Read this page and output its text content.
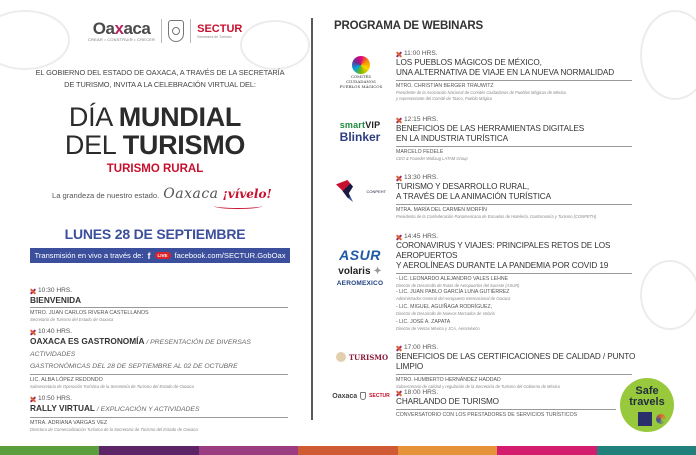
Oaxaca
CREAR • CONSTRUIR • CRECER
SECTUR
Secretaría de Turismo
EL GOBIERNO DEL ESTADO DE OAXACA, A TRAVÉS DE LA SECRETARÍA
DE TURISMO, INVITA A LA CELEBRACIÓN VIRTUAL DEL:
DÍA MUNDIAL
DEL TURISMO
TURISMO RURAL
La grandeza de nuestro estado. Oaxaca ¡vívelo!
LUNES 28 DE SEPTIEMBRE
Transmisión en vivo a través de: f	LIVE facebook.com/SECTUR.GobOax
10:30 HRS.
BIENVENIDA
MTRO. JUAN CARLOS RIVERA CASTELLANOS
Secretario de Turismo del Estado de Oaxaca
10:40 HRS.
OAXACA ES GASTRONOMÍA / PRESENTACIÓN DE DIVERSAS ACTIVIDADES
GASTRONÓMICAS DEL 28 DE SEPTIEMBRE AL 02 DE OCTUBRE
LIC. ALBA LÓPEZ REDONDO
Subsecretaria de Operación Turística de la Secretaría de Turismo del Estado de Oaxaca
10:50 HRS.
RALLY VIRTUAL / EXPLICACIÓN Y ACTIVIDADES
MTRA. ADRIANA VARGAS VEZ
Directora de Comercialización Turística de la Secretaría de Turismo del Estado de Oaxaca
PROGRAMA DE WEBINARS
COMITÉS CIUDADANOS PUEBLOS MÁGICOS
11:00 HRS.
LOS PUEBLOS MÁGICOS DE MÉXICO,
UNA ALTERNATIVA DE VIAJE EN LA NUEVA NORMALIDAD
MTRO. CHRISTIAN BERGER TRAUWITZ
Presidente de la Asociación Nacional de Comités Ciudadanos de Pueblos Mágicos de México
y representante del Comité de Taxco, Pueblo Mágico
smartVIP
Blinker
12:15 HRS.
BENEFICIOS DE LAS HERRAMIENTAS DIGITALES
EN LA INDUSTRIA TURÍSTICA
MARCELO FEDELE
CEO & Founder Widiaug LATAM Group
CONPEHT
13:30 HRS.
TURISMO Y DESARROLLO RURAL,
A TRAVÉS DE LA ANIMACIÓN TURÍSTICA
MTRA. MARÍA DEL CARMEN MORFÍN
Presidenta de la Confederación Panamericana de Escuelas de Hotelería, Gastronomía y Turismo (CONPETH)
ASUR
volaris ✦
AEROMEXICO
14:45 HRS.
CORONAVIRUS Y VIAJES: PRINCIPALES RETOS DE LOS AEROPUERTOS
Y AEROLÍNEAS DURANTE LA PANDEMIA POR COVID 19
- LIC. LEONARDO ALEJANDRO VALES LEHNE
Director de Desarrollo de Rutas de Aeropuertos del Sureste (ASUR)
- LIC. JUAN PABLO GARCÍA LUNA GUTIÉRREZ
Administrador General del Aeropuerto Internacional de Oaxaca
- LIC. MIGUEL AGUIÑAGA RODRÍGUEZ,
Director de Desarrollo de Nuevos Mercados de Volaris
- LIC. JOSÉ A. ZAPATA
Director de Ventas México y JCA, Aeroméxico
TURISMO
17:00 HRS.
BENEFICIOS DE LAS CERTIFICACIONES DE CALIDAD / PUNTO LIMPIO
MTRO. HUMBERTO HERNÁNDEZ HADDAD
Subsecretario de calidad y regulación de la Secretaría de Turismo del Gobierno de México
Oaxaca SECTUR 18:00 HRS.
CHARLANDO DE TURISMO
CONVERSATORIO CON LOS PRESTADORES DE SERVICIOS TURÍSTICOS
Safe
travels
